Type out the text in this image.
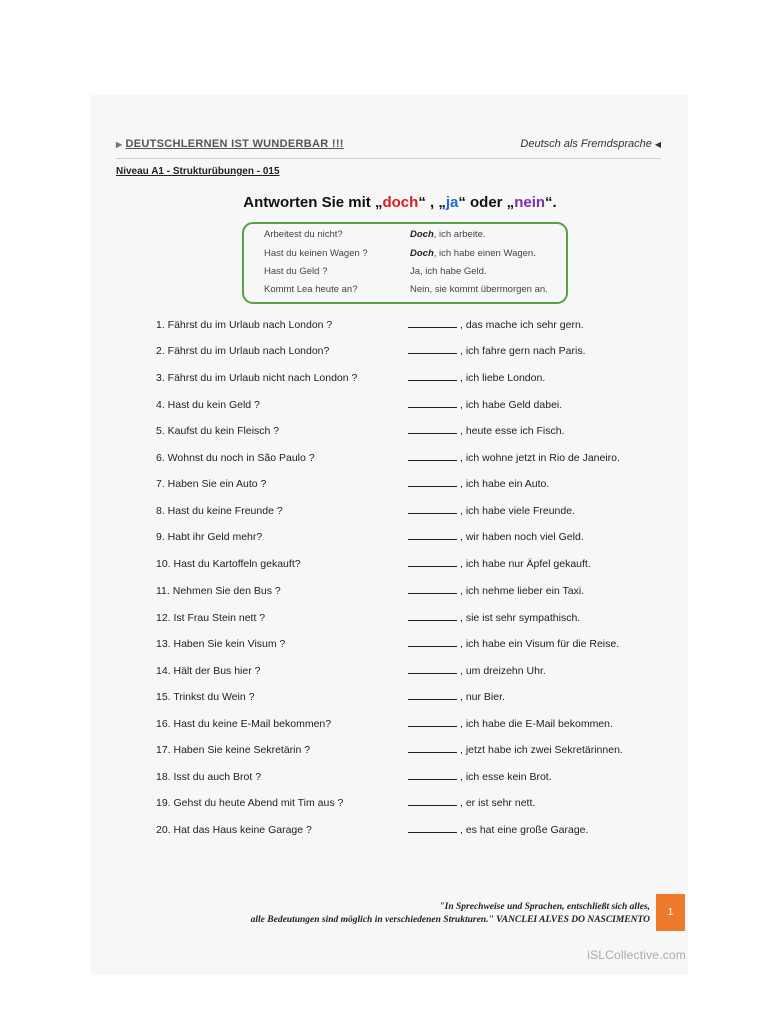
▶ DEUTSCHLERNEN IST WUNDERBAR !!!	Deutsch als Fremdsprache ◀
Niveau A1 - Strukturübungen - 015
Antworten Sie mit „doch“ , „ja“ oder „nein“.
Arbeitest du nicht?	Doch, ich arbeite.
Hast du keinen Wagen ?	Doch, ich habe einen Wagen.
Hast du Geld ?	Ja, ich habe Geld.
Kommt Lea heute an?	Nein, sie kommt übermorgen an.
1. Fährst du im Urlaub nach London ?	, das mache ich sehr gern.
2. Fährst du im Urlaub nach London?	, ich fahre gern nach Paris.
3. Fährst du im Urlaub nicht nach London ?	, ich liebe London.
4. Hast du kein Geld ?	, ich habe Geld dabei.
5. Kaufst du kein Fleisch ?	, heute esse ich Fisch.
6. Wohnst du noch in São Paulo ?	, ich wohne jetzt in Rio de Janeiro.
7. Haben Sie ein Auto ?	, ich habe ein Auto.
8. Hast du keine Freunde ?	, ich habe viele Freunde.
9. Habt ihr Geld mehr?	, wir haben noch viel Geld.
10. Hast du Kartoffeln gekauft?	, ich habe nur Äpfel gekauft.
11. Nehmen Sie den Bus ?	, ich nehme lieber ein Taxi.
12. Ist Frau Stein nett ?	, sie ist sehr sympathisch.
13. Haben Sie kein Visum ?	, ich habe ein Visum für die Reise.
14. Hält der Bus hier ?	, um dreizehn Uhr.
15. Trinkst du Wein ?	, nur Bier.
16. Hast du keine E-Mail bekommen?	, ich habe die E-Mail bekommen.
17. Haben Sie keine Sekretärin ?	, jetzt habe ich zwei Sekretärinnen.
18. Isst du auch Brot ?	, ich esse kein Brot.
19. Gehst du heute Abend mit Tim aus ?	, er ist sehr nett.
20. Hat das Haus keine Garage ?	, es hat eine große Garage.
"In Sprechweise und Sprachen, entschließt sich alles,
alle Bedeutungen sind möglich in verschiedenen Strukturen." VANCLEI ALVES DO NASCIMENTO
1
iSLCollective.com
